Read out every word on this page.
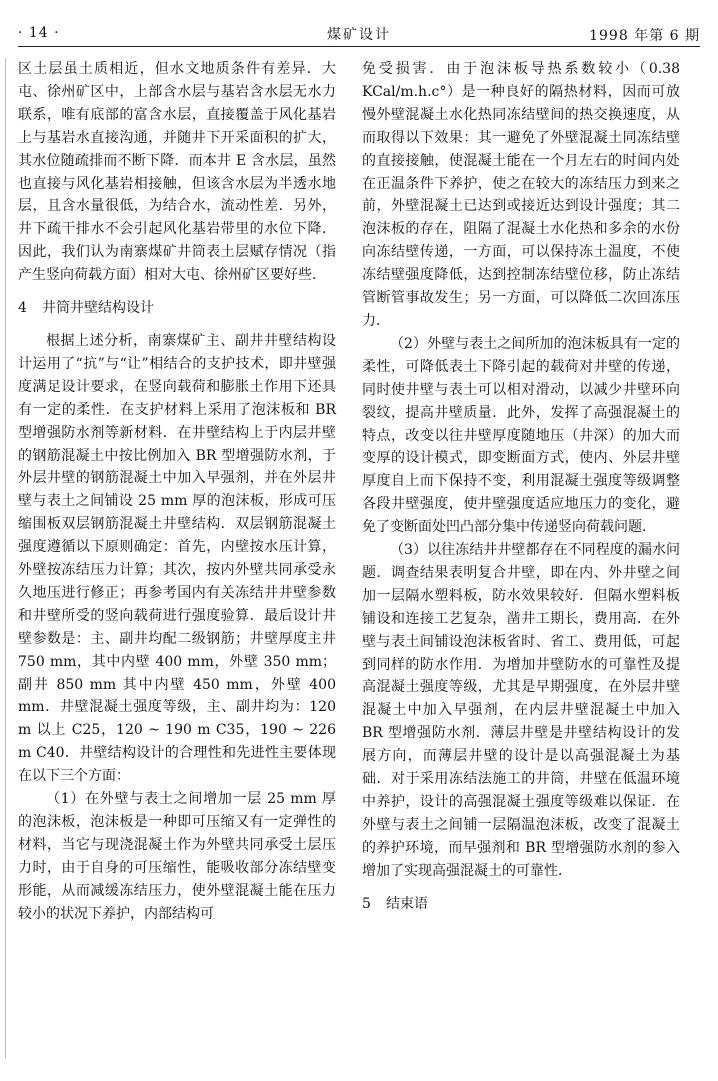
· 14 ·	煤矿设计	1998 年第 6 期

区土层虽土质相近，但水文地质条件有差异．大屯、徐州矿区中，上部含水层与基岩含水层无水力联系，唯有底部的富含水层，直接覆盖于风化基岩上与基岩水直接沟通，并随井下开采面积的扩大，其水位随疏排而不断下降．而本井 E 含水层，虽然也直接与风化基岩相接触，但该含水层为半透水地层，且含水量很低，为结合水，流动性差．另外，井下疏干排水不会引起风化基岩带里的水位下降．因此，我们认为南寨煤矿井筒表土层赋存情况（指产生竖向荷载方面）相对大屯、徐州矿区要好些．

4 井筒井壁结构设计

根据上述分析，南寨煤矿主、副井井壁结构设计运用了“抗”与“让”相结合的支护技术，即井壁强度满足设计要求，在竖向载荷和膨胀土作用下还具有一定的柔性．在支护材料上采用了泡沫板和 BR 型增强防水剂等新材料．在井壁结构上于内层井壁的钢筋混凝土中按比例加入 BR 型增强防水剂，于外层井壁的钢筋混凝土中加入早强剂，并在外层井壁与表土之间铺设 25 mm 厚的泡沫板，形成可压缩围板双层钢筋混凝土井壁结构．双层钢筋混凝土强度遵循以下原则确定：首先，内壁按水压计算，外壁按冻结压力计算；其次，按内外壁共同承受永久地压进行修正；再参考国内有关冻结井井壁参数和井壁所受的竖向载荷进行强度验算．最后设计井壁参数是：主、副井均配二级钢筋；井壁厚度主井 750 mm，其中内壁 400 mm，外壁 350 mm；副井 850 mm 其中内壁 450 mm，外壁 400 mm．井壁混凝土强度等级，主、副井均为：120 m 以上 C25，120 ~ 190 m C35，190 ~ 226 m C40．井壁结构设计的合理性和先进性主要体现在以下三个方面：

（1）在外壁与表土之间增加一层 25 mm 厚的泡沫板，泡沫板是一种即可压缩又有一定弹性的材料，当它与现浇混凝土作为外壁共同承受土层压力时，由于自身的可压缩性，能吸收部分冻结壁变形能，从而减缓冻结压力，使外壁混凝土能在压力较小的状况下养护，内部结构可

免受损害．由于泡沫板导热系数较小（0.38 KCal/m.h.c°）是一种良好的隔热材料，因而可放慢外壁混凝土水化热同冻结壁间的热交换速度，从而取得以下效果：其一避免了外壁混凝土同冻结壁的直接接触，使混凝土能在一个月左右的时间内处在正温条件下养护，使之在较大的冻结压力到来之前，外壁混凝土已达到或接近达到设计强度；其二泡沫板的存在，阻隔了混凝土水化热和多余的水份向冻结壁传递，一方面，可以保持冻土温度，不使冻结壁强度降低，达到控制冻结壁位移，防止冻结管断管事故发生；另一方面，可以降低二次回冻压力．

（2）外壁与表土之间所加的泡沫板具有一定的柔性，可降低表土下降引起的载荷对井壁的传递，同时使井壁与表土可以相对滑动，以减少井壁环向裂纹，提高井壁质量．此外，发挥了高强混凝土的特点，改变以往井壁厚度随地压（井深）的加大而变厚的设计模式，即变断面方式，使内、外层井壁厚度自上而下保持不变，利用混凝土强度等级调整各段井壁强度，使井壁强度适应地压力的变化，避免了变断面处凹凸部分集中传递竖向荷载问题．

（3）以往冻结井井壁都存在不同程度的漏水问题．调查结果表明复合井壁，即在内、外井壁之间加一层隔水塑料板，防水效果较好．但隔水塑料板铺设和连接工艺复杂，凿井工期长，费用高．在外壁与表土间铺设泡沫板省时、省工、费用低，可起到同样的防水作用．为增加井壁防水的可靠性及提高混凝土强度等级，尤其是早期强度，在外层井壁混凝土中加入早强剂，在内层井壁混凝土中加入 BR 型增强防水剂．薄层井壁是井壁结构设计的发展方向，而薄层井壁的设计是以高强混凝土为基础．对于采用冻结法施工的井筒，井壁在低温环境中养护，设计的高强混凝土强度等级难以保证．在外壁与表土之间铺一层隔温泡沫板，改变了混凝土的养护环境，而早强剂和 BR 型增强防水剂的参入增加了实现高强混凝土的可靠性．

5 结束语
